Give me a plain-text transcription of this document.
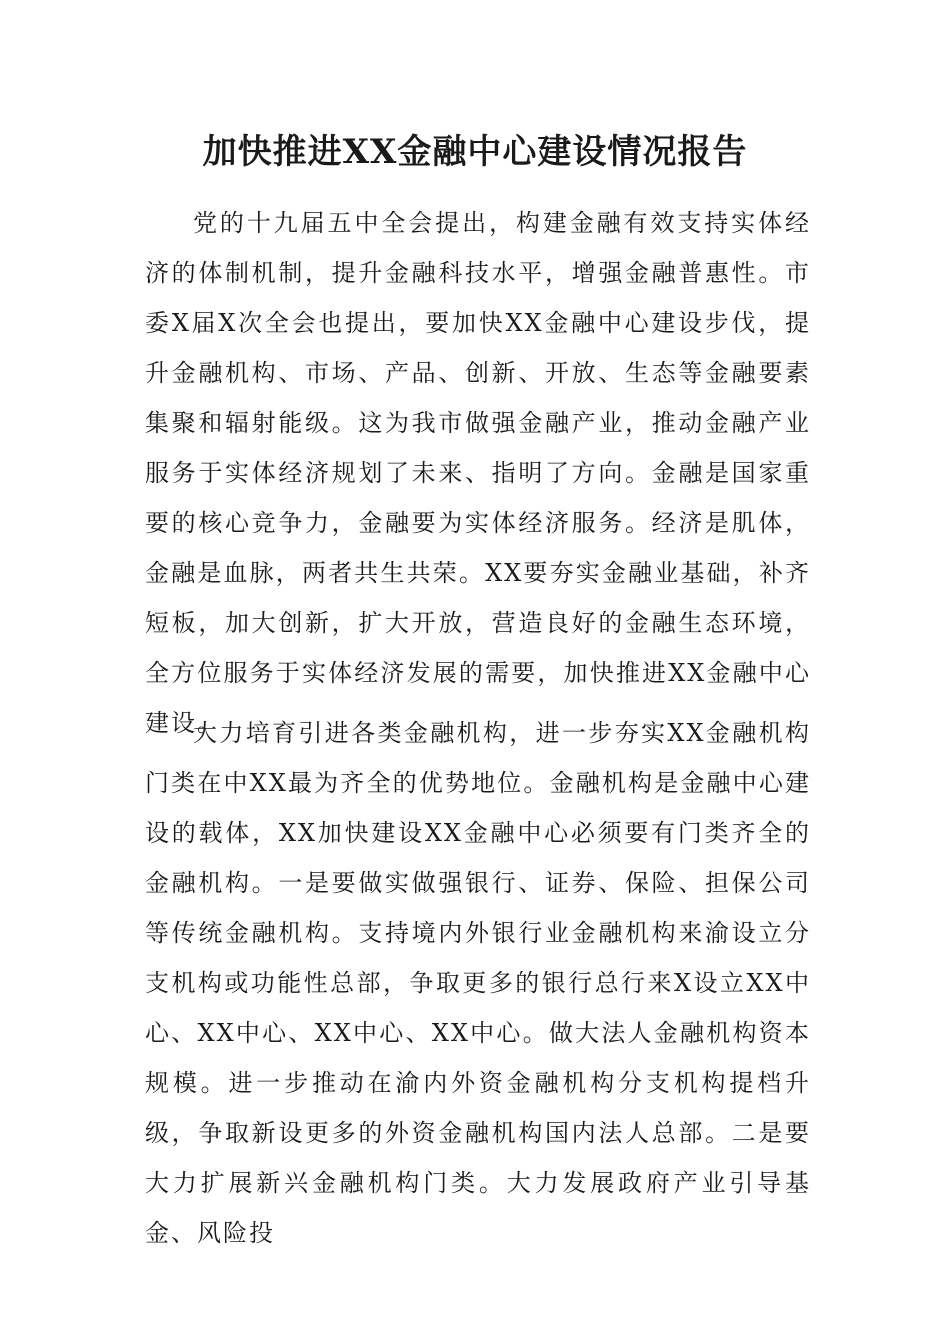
加快推进XX金融中心建设情况报告

党的十九届五中全会提出，构建金融有效支持实体经济的体制机制，提升金融科技水平，增强金融普惠性。市委X届X次全会也提出，要加快XX金融中心建设步伐，提升金融机构、市场、产品、创新、开放、生态等金融要素集聚和辐射能级。这为我市做强金融产业，推动金融产业服务于实体经济规划了未来、指明了方向。金融是国家重要的核心竞争力，金融要为实体经济服务。经济是肌体，金融是血脉，两者共生共荣。XX要夯实金融业基础，补齐短板，加大创新，扩大开放，营造良好的金融生态环境，全方位服务于实体经济发展的需要，加快推进XX金融中心建设。

大力培育引进各类金融机构，进一步夯实XX金融机构门类在中XX最为齐全的优势地位。金融机构是金融中心建设的载体，XX加快建设XX金融中心必须要有门类齐全的金融机构。一是要做实做强银行、证券、保险、担保公司等传统金融机构。支持境内外银行业金融机构来渝设立分支机构或功能性总部，争取更多的银行总行来X设立XX中心、XX中心、XX中心、XX中心。做大法人金融机构资本规模。进一步推动在渝内外资金融机构分支机构提档升级，争取新设更多的外资金融机构国内法人总部。二是要大力扩展新兴金融机构门类。大力发展政府产业引导基金、风险投
